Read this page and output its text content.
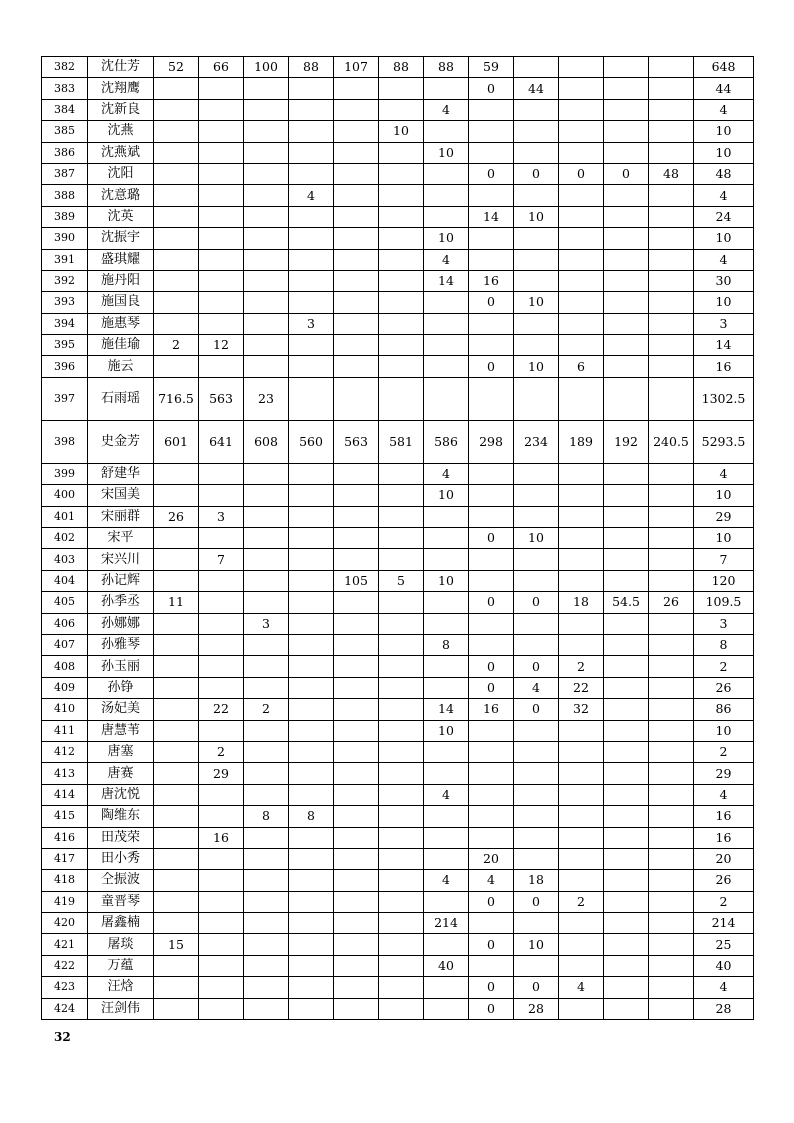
382	沈仕芳	52	66	100	88	107	88	88	59					648
383	沈翔鹰								0	44				44
384	沈新良							4						4
385	沈燕						10							10
386	沈燕斌							10						10
387	沈阳								0	0	0	0	48	48
388	沈意璐				4									4
389	沈英								14	10				24
390	沈振宇							10						10
391	盛琪耀							4						4
392	施丹阳							14	16					30
393	施国良								0	10				10
394	施惠琴				3									3
395	施佳瑜	2	12											14
396	施云								0	10	6			16
397	石雨瑶	716.5	563	23										1302.5
398	史金芳	601	641	608	560	563	581	586	298	234	189	192	240.5	5293.5
399	舒建华							4						4
400	宋国美							10						10
401	宋丽群	26	3											29
402	宋平								0	10				10
403	宋兴川		7											7
404	孙记辉					105	5	10						120
405	孙季丞	11							0	0	18	54.5	26	109.5
406	孙娜娜			3										3
407	孙雅琴							8						8
408	孙玉丽								0	0	2			2
409	孙铮								0	4	22			26
410	汤妃美		22	2				14	16	0	32			86
411	唐慧苇							10						10
412	唐塞		2											2
413	唐赛		29											29
414	唐沈悦							4						4
415	陶维东			8	8									16
416	田茂荣		16											16
417	田小秀								20					20
418	仝振波							4	4	18				26
419	童晋琴								0	0	2			2
420	屠鑫楠							214						214
421	屠琰	15							0	10				25
422	万蕴							40						40
423	汪焓								0	0	4			4
424	汪剑伟								0	28				28
32
